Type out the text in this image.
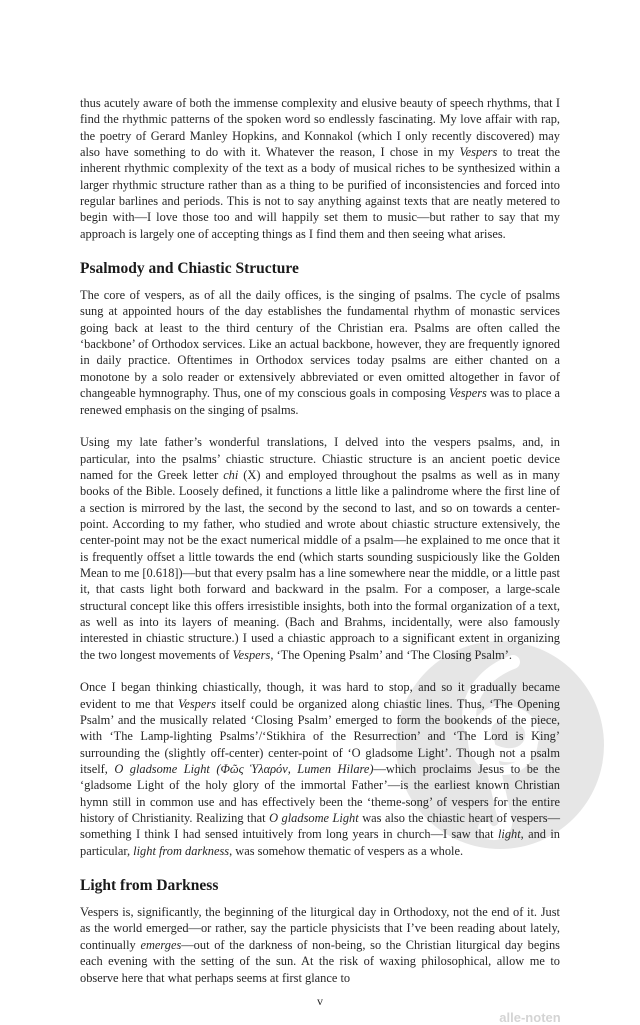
alle-noten

thus acutely aware of both the immense complexity and elusive beauty of speech rhythms, that I find the rhythmic patterns of the spoken word so endlessly fascinating. My love affair with rap, the poetry of Gerard Manley Hopkins, and Konnakol (which I only recently discovered) may also have something to do with it. Whatever the reason, I chose in my Vespers to treat the inherent rhythmic complexity of the text as a body of musical riches to be synthesized within a larger rhythmic structure rather than as a thing to be purified of inconsistencies and forced into regular barlines and periods. This is not to say anything against texts that are neatly metered to begin with—I love those too and will happily set them to music—but rather to say that my approach is largely one of accepting things as I find them and then seeing what arises.

Psalmody and Chiastic Structure

The core of vespers, as of all the daily offices, is the singing of psalms. The cycle of psalms sung at appointed hours of the day establishes the fundamental rhythm of monastic services going back at least to the third century of the Christian era. Psalms are often called the ‘backbone’ of Orthodox services. Like an actual backbone, however, they are frequently ignored in daily practice. Oftentimes in Orthodox services today psalms are either chanted on a monotone by a solo reader or extensively abbreviated or even omitted altogether in favor of changeable hymnography. Thus, one of my conscious goals in composing Vespers was to place a renewed emphasis on the singing of psalms.

Using my late father’s wonderful translations, I delved into the vespers psalms, and, in particular, into the psalms’ chiastic structure. Chiastic structure is an ancient poetic device named for the Greek letter chi (X) and employed throughout the psalms as well as in many books of the Bible. Loosely defined, it functions a little like a palindrome where the first line of a section is mirrored by the last, the second by the second to last, and so on towards a center-point. According to my father, who studied and wrote about chiastic structure extensively, the center-point may not be the exact numerical middle of a psalm—he explained to me once that it is frequently offset a little towards the end (which starts sounding suspiciously like the Golden Mean to me [0.618])—but that every psalm has a line somewhere near the middle, or a little past it, that casts light both forward and backward in the psalm. For a composer, a large-scale structural concept like this offers irresistible insights, both into the formal organization of a text, as well as into its layers of meaning. (Bach and Brahms, incidentally, were also famously interested in chiastic structure.) I used a chiastic approach to a significant extent in organizing the two longest movements of Vespers, ‘The Opening Psalm’ and ‘The Closing Psalm’.

Once I began thinking chiastically, though, it was hard to stop, and so it gradually became evident to me that Vespers itself could be organized along chiastic lines. Thus, ‘The Opening Psalm’ and the musically related ‘Closing Psalm’ emerged to form the bookends of the piece, with ‘The Lamp-lighting Psalms’/‘Stikhira of the Resurrection’ and ‘The Lord is King’ surrounding the (slightly off-center) center-point of ‘O gladsome Light’. Though not a psalm itself, O gladsome Light (Φῶς Ὑλαρόν, Lumen Hilare)—which proclaims Jesus to be the ‘gladsome Light of the holy glory of the immortal Father’—is the earliest known Christian hymn still in common use and has effectively been the ‘theme-song’ of vespers for the entire history of Christianity. Realizing that O gladsome Light was also the chiastic heart of vespers—something I think I had sensed intuitively from long years in church—I saw that light, and in particular, light from darkness, was somehow thematic of vespers as a whole.

Light from Darkness

Vespers is, significantly, the beginning of the liturgical day in Orthodoxy, not the end of it. Just as the world emerged—or rather, say the particle physicists that I’ve been reading about lately, continually emerges—out of the darkness of non-being, so the Christian liturgical day begins each evening with the setting of the sun. At the risk of waxing philosophical, allow me to observe here that what perhaps seems at first glance to

v
